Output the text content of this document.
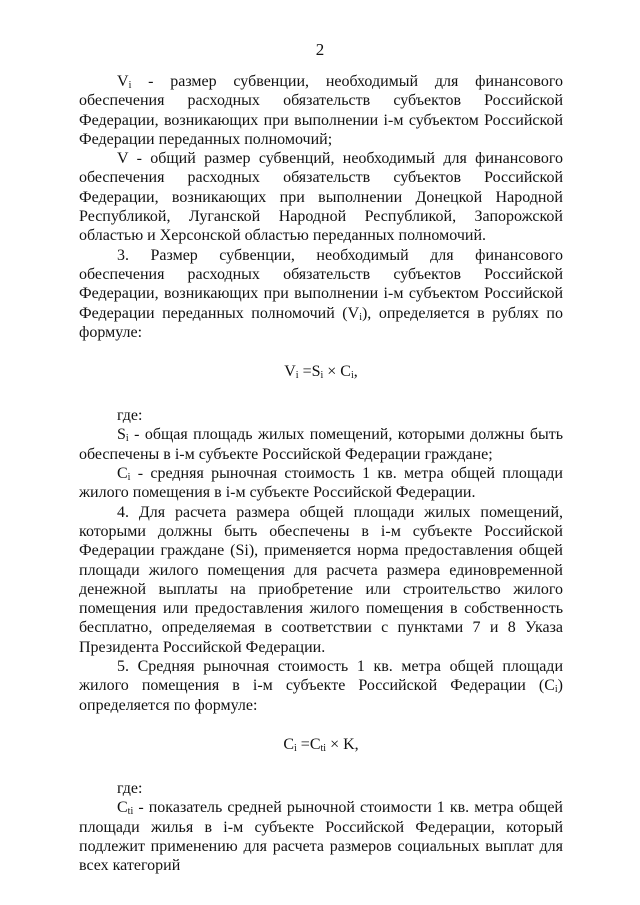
2

$V_i$ - размер субвенции, необходимый для финансового обеспечения расходных обязательств субъектов Российской Федерации, возникающих при выполнении i-м субъектом Российской Федерации переданных полномочий;

V - общий размер субвенций, необходимый для финансового обеспечения расходных обязательств субъектов Российской Федерации, возникающих при выполнении Донецкой Народной Республикой, Луганской Народной Республикой, Запорожской областью и Херсонской областью переданных полномочий.

3. Размер субвенции, необходимый для финансового обеспечения расходных обязательств субъектов Российской Федерации, возникающих при выполнении i-м субъектом Российской Федерации переданных полномочий $(V_i)$, определяется в рублях по формуле:

$V_i =S_i \times C_i$,

где:

$S_i$ - общая площадь жилых помещений, которыми должны быть обеспечены в i-м субъекте Российской Федерации граждане;

$C_i$ - средняя рыночная стоимость 1 кв. метра общей площади жилого помещения в i-м субъекте Российской Федерации.

4. Для расчета размера общей площади жилых помещений, которыми должны быть обеспечены в i-м субъекте Российской Федерации граждане (Si), применяется норма предоставления общей площади жилого помещения для расчета размера единовременной денежной выплаты на приобретение или строительство жилого помещения или предоставления жилого помещения в собственность бесплатно, определяемая в соответствии с пунктами 7 и 8 Указа Президента Российской Федерации.

5. Средняя рыночная стоимость 1 кв. метра общей площади жилого помещения в i-м субъекте Российской Федерации $(C_i)$ определяется по формуле:

$C_i =C_{ti} \times K$,

где:

$C_{ti}$ - показатель средней рыночной стоимости 1 кв. метра общей площади жилья в i-м субъекте Российской Федерации, который подлежит применению для расчета размеров социальных выплат для всех категорий
